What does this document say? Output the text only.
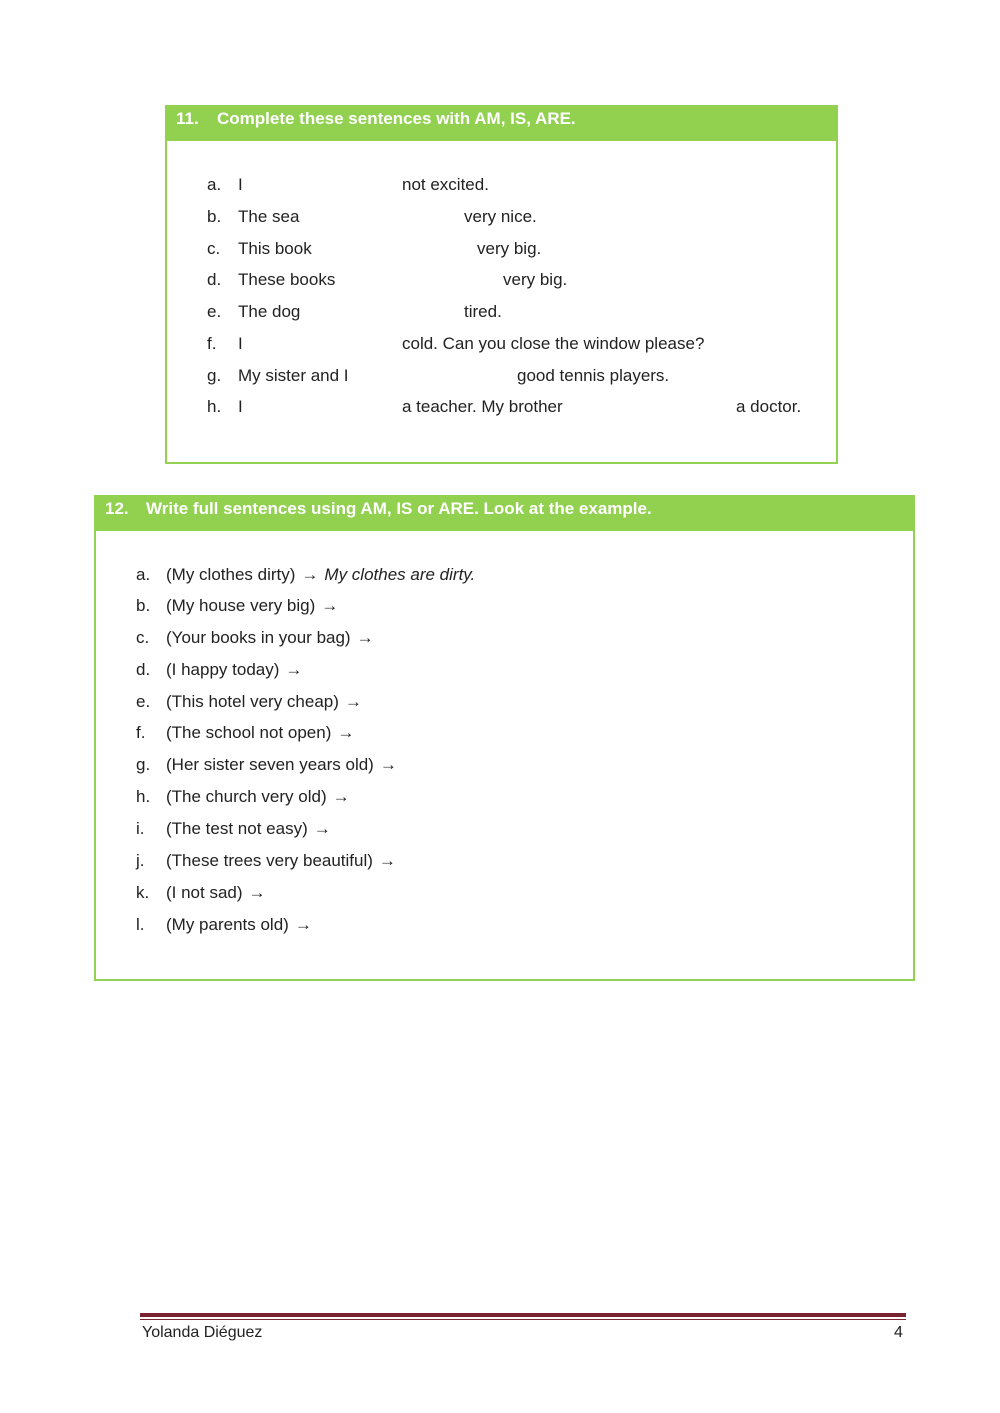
11. Complete these sentences with AM, IS, ARE.
a. I	not excited.
b. The sea	very nice.
c. This book	very big.
d. These books	very big.
e. The dog	tired.
f. I	cold. Can you close the window please?
g. My sister and I	good tennis players.
h. I	a teacher. My brother	a doctor.
12. Write full sentences using AM, IS or ARE. Look at the example.
a. (My clothes dirty) → My clothes are dirty.
b. (My house very big) →
c. (Your books in your bag) →
d. (I happy today) →
e. (This hotel very cheap) →
f. (The school not open) →
g. (Her sister seven years old) →
h. (The church very old) →
i. (The test not easy) →
j. (These trees very beautiful) →
k. (I not sad) →
l. (My parents old) →
Yolanda Diéguez	4
